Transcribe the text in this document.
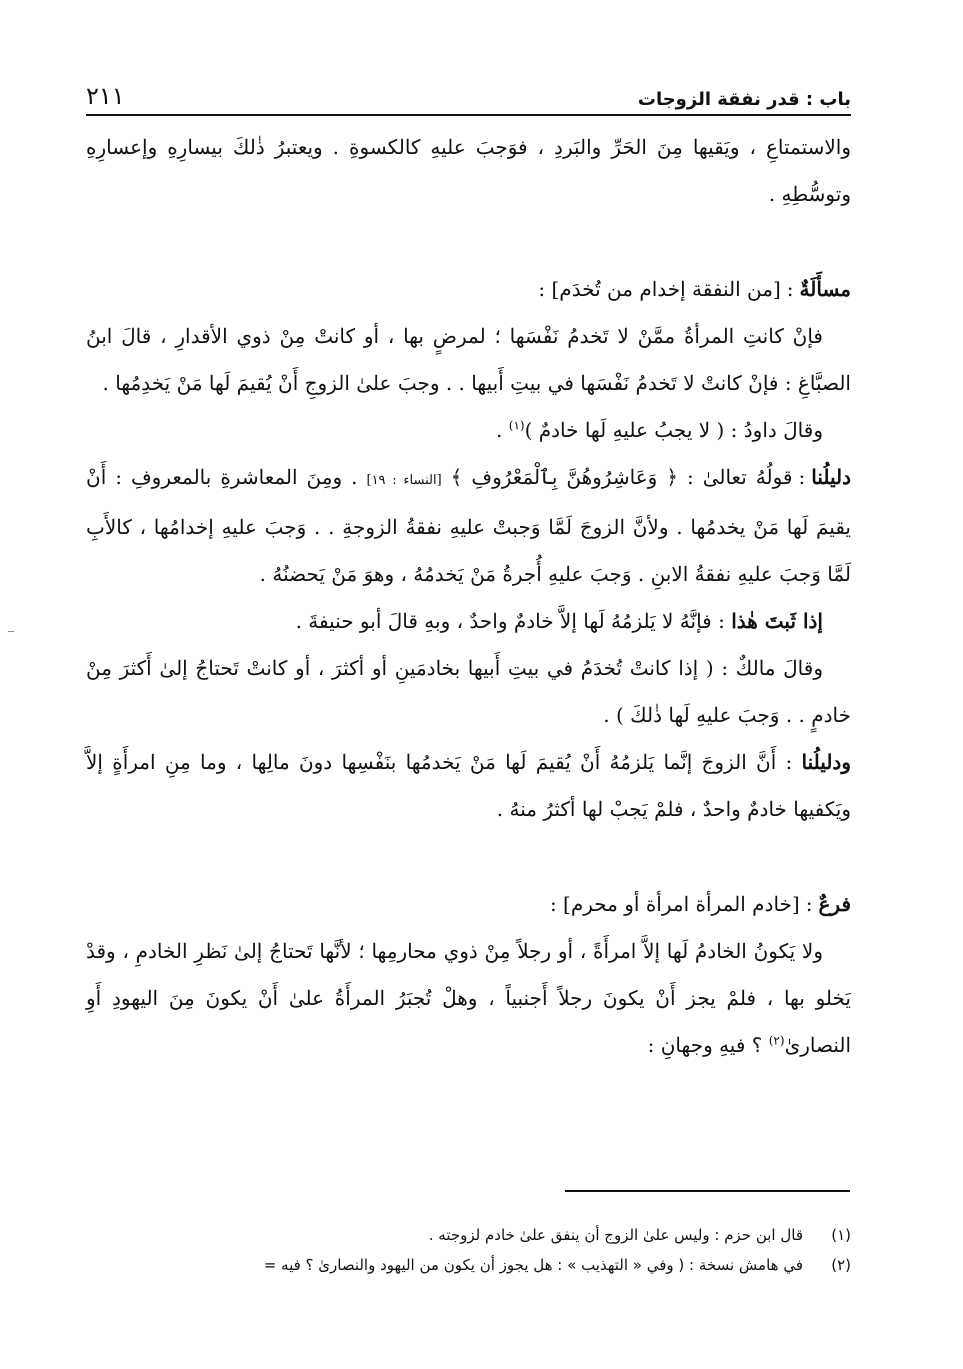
باب : قدر نفقة الزوجات
٢١١

والاستمتاعِ ، ويَقيها مِنَ الحَرِّ والبَردِ ، فوَجبَ عليهِ كالكسوةِ . ويعتبرُ ذٰلكَ بيسارِهِ وإعسارِهِ وتوسُّطِهِ .

مسأَلَةٌ:[من النفقة إخدام من تُخدَم] :

فإنْ كانتِ المرأةُ ممَّنْ لا تَخدمُ نَفْسَها ؛ لمرضٍ بها ، أو كانتْ مِنْ ذوي الأقدارِ ، قالَ ابنُ الصبَّاغِ : فإنْ كانتْ لا تَخدمُ نَفْسَها في بيتِ أَبيها . . وجبَ علىٰ الزوجِ أَنْ يُقيمَ لَها مَنْ يَخدِمُها .

وقالَ داودُ : ( لا يجبُ عليهِ لَها خادمٌ )$^{(١)}$ .

دليلُنا:قولُهُ تعالىٰ : ﴿ وَعَاشِرُوهُنَّ بِٱلْمَعْرُوفِ ﴾ [النساء : ١٩] . ومِنَ المعاشرةِ بالمعروفِ : أَنْ يقيمَ لَها مَنْ يخدمُها . ولأنَّ الزوجَ لَمَّا وَجبتْ عليهِ نفقةُ الزوجةِ . . وَجبَ عليهِ إخدامُها ، كالأَبِ لَمَّا وَجبَ عليهِ نفقةُ الابنِ . وَجبَ عليهِ أُجرةُ مَنْ يَخدمُهُ ، وهوَ مَنْ يَحضنُهُ .

إذا ثَبتَ هٰذا : فإنَّهُ لا يَلزمُهُ لَها إلاَّ خادمٌ واحدٌ ، وبهِ قالَ أبو حنيفةَ .

وقالَ مالكٌ : ( إذا كانتْ تُخدَمُ في بيتِ أَبيها بخادمَينِ أو أكثرَ ، أو كانتْ تَحتاجُ إلىٰ أَكثرَ مِنْ خادمٍ . . وَجبَ عليهِ لَها ذٰلكَ ) .

ودليلُنا : أَنَّ الزوجَ إنَّما يَلزمُهُ أَنْ يُقيمَ لَها مَنْ يَخدمُها بنَفْسِها دونَ مالِها ، وما مِنِ امرأَةٍ إلاَّ ويَكفيها خادمٌ واحدٌ ، فلمْ يَجبْ لها أكثرُ منهُ .

فرعٌ:[خادم المرأة امرأة أو محرم] :

ولا يَكونُ الخادمُ لَها إلاَّ امرأَةً ، أو رجلاً مِنْ ذوي محارمِها ؛ لأنَّها تَحتاجُ إلىٰ نَظرِ الخادمِ ، وقدْ يَخلو بها ، فلمْ يجز أَنْ يكونَ رجلاً أَجنبياً ، وهلْ تُجبَرُ المرأَةُ علىٰ أَنْ يكونَ مِنَ اليهودِ أَوِ النصارىٰ$^{(٢)}$ ؟ فيهِ وجهانِ :

(١)قال ابن حزم : وليس علىٰ الزوج أن ينفق علىٰ خادم لزوجته .

(٢)في هامش نسخة : ( وفي « التهذيب » : هل يجوز أن يكون من اليهود والنصارىٰ ؟ فيه =
